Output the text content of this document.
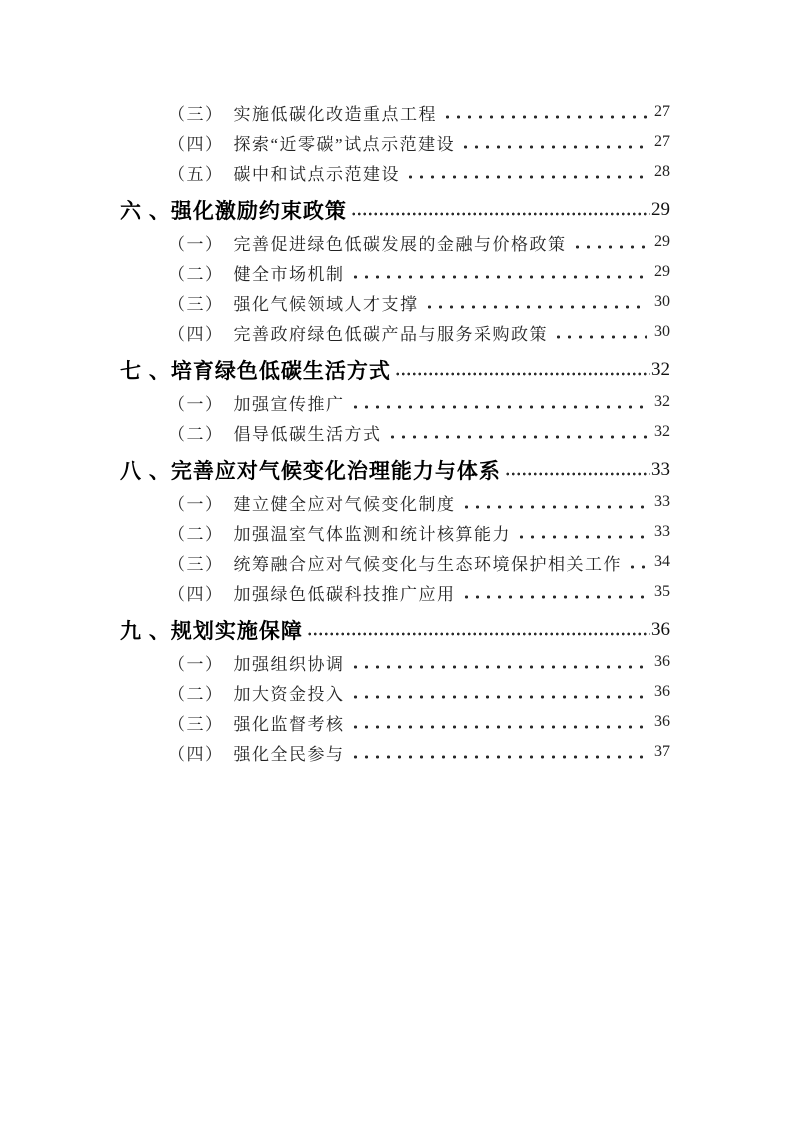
（三）　实施低碳化改造重点工程	27
（四）　探索“近零碳”试点示范建设	27
（五）　碳中和试点示范建设	28
六 、强化激励约束政策	29
（一）　完善促进绿色低碳发展的金融与价格政策	29
（二）　健全市场机制	29
（三）　强化气候领域人才支撑	30
（四）　完善政府绿色低碳产品与服务采购政策	30
七 、培育绿色低碳生活方式	32
（一）　加强宣传推广	32
（二）　倡导低碳生活方式	32
八 、完善应对气候变化治理能力与体系	33
（一）　建立健全应对气候变化制度	33
（二）　加强温室气体监测和统计核算能力	33
（三）　统筹融合应对气候变化与生态环境保护相关工作 34
（四）　加强绿色低碳科技推广应用	35
九 、规划实施保障	36
（一）　加强组织协调	36
（二）　加大资金投入	36
（三）　强化监督考核	36
（四）　强化全民参与	37
